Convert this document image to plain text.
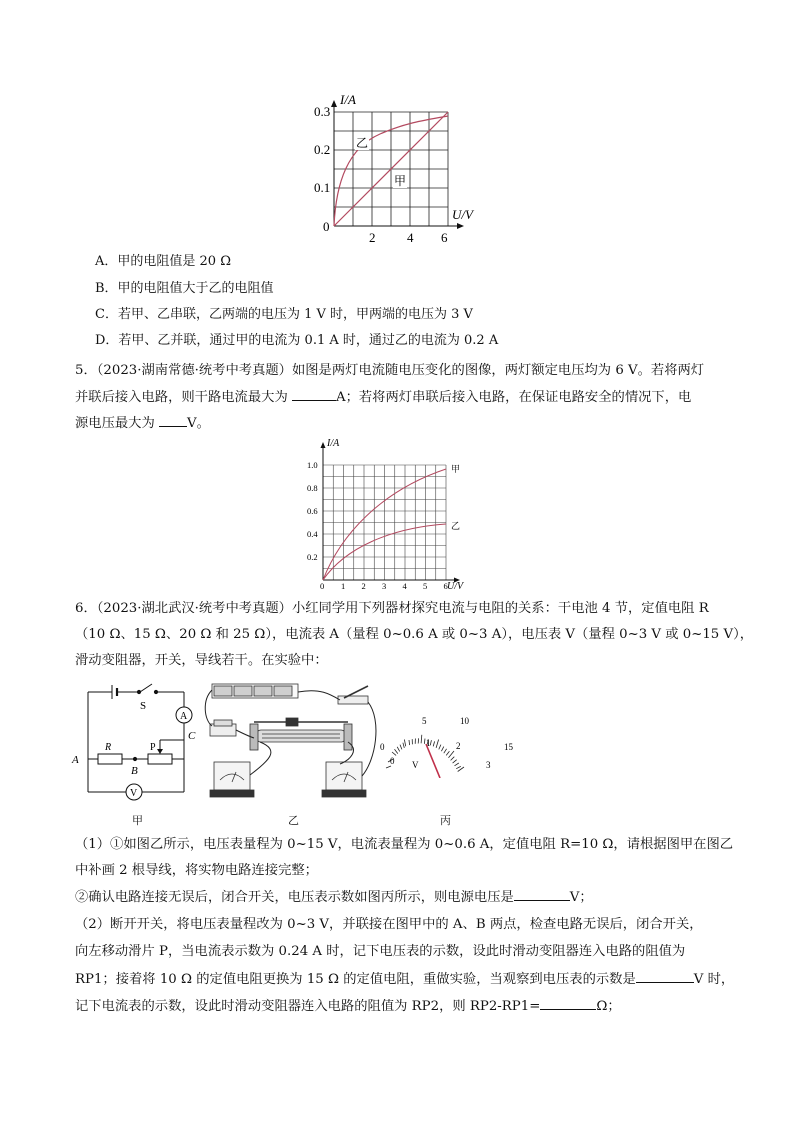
I/A
U/V
0.3
0.2
0.1
0
2 4 6
乙
甲
A．甲的电阻值是 20 Ω
B．甲的电阻值大于乙的电阻值
C．若甲、乙串联，乙两端的电压为 1 V 时，甲两端的电压为 3 V
D．若甲、乙并联，通过甲的电流为 0.1 A 时，通过乙的电流为 0.2 A
5．（2023·湖南常德·统考中考真题）如图是两灯电流随电压变化的图像，两灯额定电压均为 6 V。若将两灯
并联后接入电路，则干路电流最大为	A；若将两灯串联后接入电路，在保证电路安全的情况下，电
源电压最大为 V。
I/A
U/V
1.0
0.8
0.6
0.4
0.2
0 1 2 3 4 5 6
甲
乙
6．（2023·湖北武汉·统考中考真题）小红同学用下列器材探究电流与电阻的关系：干电池 4 节，定值电阻 R
（10 Ω、15 Ω、20 Ω 和 25 Ω），电流表 A（量程 0~0.6 A 或 0~3 A），电压表 V（量程 0~3 V 或 0~15 V），
滑动变阻器，开关，导线若干。在实验中：
S
A
C
R	P
A
B
V
0
0
5	10
15
1	2
3
V
甲	乙	丙
（1）①如图乙所示，电压表量程为 0~15 V，电流表量程为 0~0.6 A，定值电阻 R=10 Ω，请根据图甲在图乙
中补画 2 根导线，将实物电路连接完整；
②确认电路连接无误后，闭合开关，电压表示数如图丙所示，则电源电压是	V；
（2）断开开关，将电压表量程改为 0~3 V，并联接在图甲中的 A、B 两点，检查电路无误后，闭合开关，
向左移动滑片 P，当电流表示数为 0.24 A 时，记下电压表的示数，设此时滑动变阻器连入电路的阻值为
RP1；接着将 10 Ω 的定值电阻更换为 15 Ω 的定值电阻，重做实验，当观察到电压表的示数是	V 时，
记下电流表的示数，设此时滑动变阻器连入电路的阻值为 RP2，则 RP2-RP1=	Ω；
